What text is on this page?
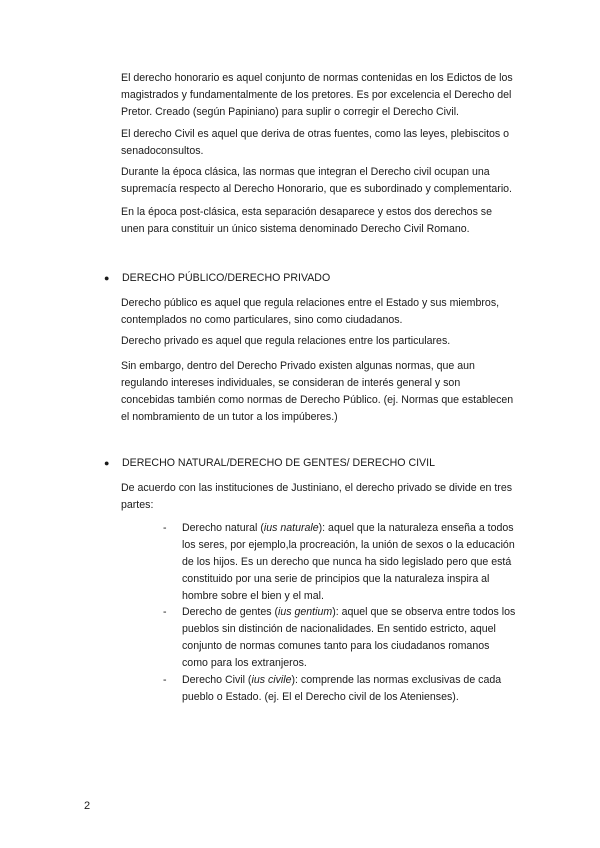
El derecho honorario es aquel conjunto de normas contenidas en los Edictos de los magistrados y fundamentalmente de los pretores. Es por excelencia el Derecho del Pretor. Creado (según Papiniano) para suplir o corregir el Derecho Civil.

El derecho Civil es aquel que deriva de otras fuentes, como las leyes, plebiscitos o senadoconsultos.

Durante la época clásica, las normas que integran el Derecho civil ocupan una supremacía respecto al Derecho Honorario, que es subordinado y complementario.

En la época post-clásica, esta separación desaparece y estos dos derechos se unen para constituir un único sistema denominado Derecho Civil Romano.

● DERECHO PÚBLICO/DERECHO PRIVADO

Derecho público es aquel que regula relaciones entre el Estado y sus miembros, contemplados no como particulares, sino como ciudadanos.

Derecho privado es aquel que regula relaciones entre los particulares.

Sin embargo, dentro del Derecho Privado existen algunas normas, que aun regulando intereses individuales, se consideran de interés general y son concebidas también como normas de Derecho Público. (ej. Normas que establecen el nombramiento de un tutor a los impúberes.)

● DERECHO NATURAL/DERECHO DE GENTES/ DERECHO CIVIL

De acuerdo con las instituciones de Justiniano, el derecho privado se divide en tres partes:

- Derecho natural (ius naturale): aquel que la naturaleza enseña a todos los seres, por ejemplo,la procreación, la unión de sexos o la educación de los hijos. Es un derecho que nunca ha sido legislado pero que está constituido por una serie de principios que la naturaleza inspira al hombre sobre el bien y el mal.

- Derecho de gentes (ius gentium): aquel que se observa entre todos los pueblos sin distinción de nacionalidades. En sentido estricto, aquel conjunto de normas comunes tanto para los ciudadanos romanos como para los extranjeros.

- Derecho Civil (ius civile): comprende las normas exclusivas de cada pueblo o Estado. (ej. El el Derecho civil de los Atenienses).

2
